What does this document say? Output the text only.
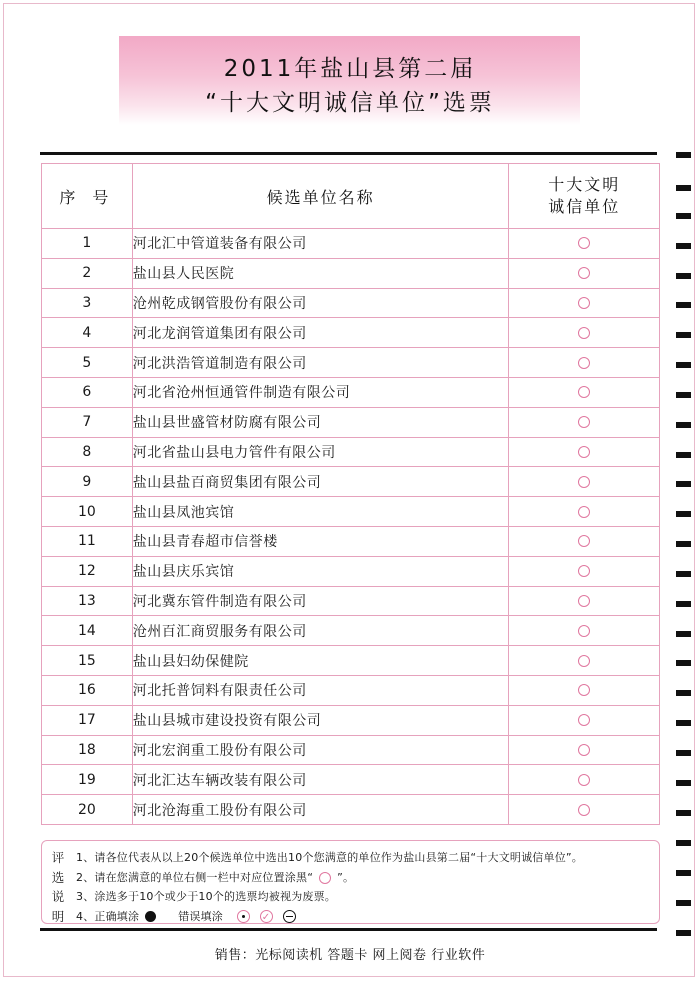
2011年盐山县第二届
“十大文明诚信单位”选票
序 号	候选单位名称	十大文明
诚信单位

1	河北汇中管道装备有限公司	
2	盐山县人民医院	
3	沧州乾成钢管股份有限公司	
4	河北龙润管道集团有限公司	
5	河北洪浩管道制造有限公司	
6	河北省沧州恒通管件制造有限公司	
7	盐山县世盛管材防腐有限公司	
8	河北省盐山县电力管件有限公司	
9	盐山县盐百商贸集团有限公司	
10	盐山县凤池宾馆	
11	盐山县青春超市信誉楼	
12	盐山县庆乐宾馆	
13	河北冀东管件制造有限公司	
14	沧州百汇商贸服务有限公司	
15	盐山县妇幼保健院	
16	河北托普饲料有限责任公司	
17	盐山县城市建设投资有限公司	
18	河北宏润重工股份有限公司	
19	河北汇达车辆改装有限公司	
20	河北沧海重工股份有限公司	
评
选
说
明
1、请各位代表从以上20个候选单位中选出10个您满意的单位作为盐山县第二届“十大文明诚信单位”。
2、请在您满意的单位右侧一栏中对应位置涂黑“ ”。
3、涂选多于10个或少于10个的选票均被视为废票。
4、正确填涂	错误填涂 ✓
销售：光标阅读机 答题卡 网上阅卷 行业软件
